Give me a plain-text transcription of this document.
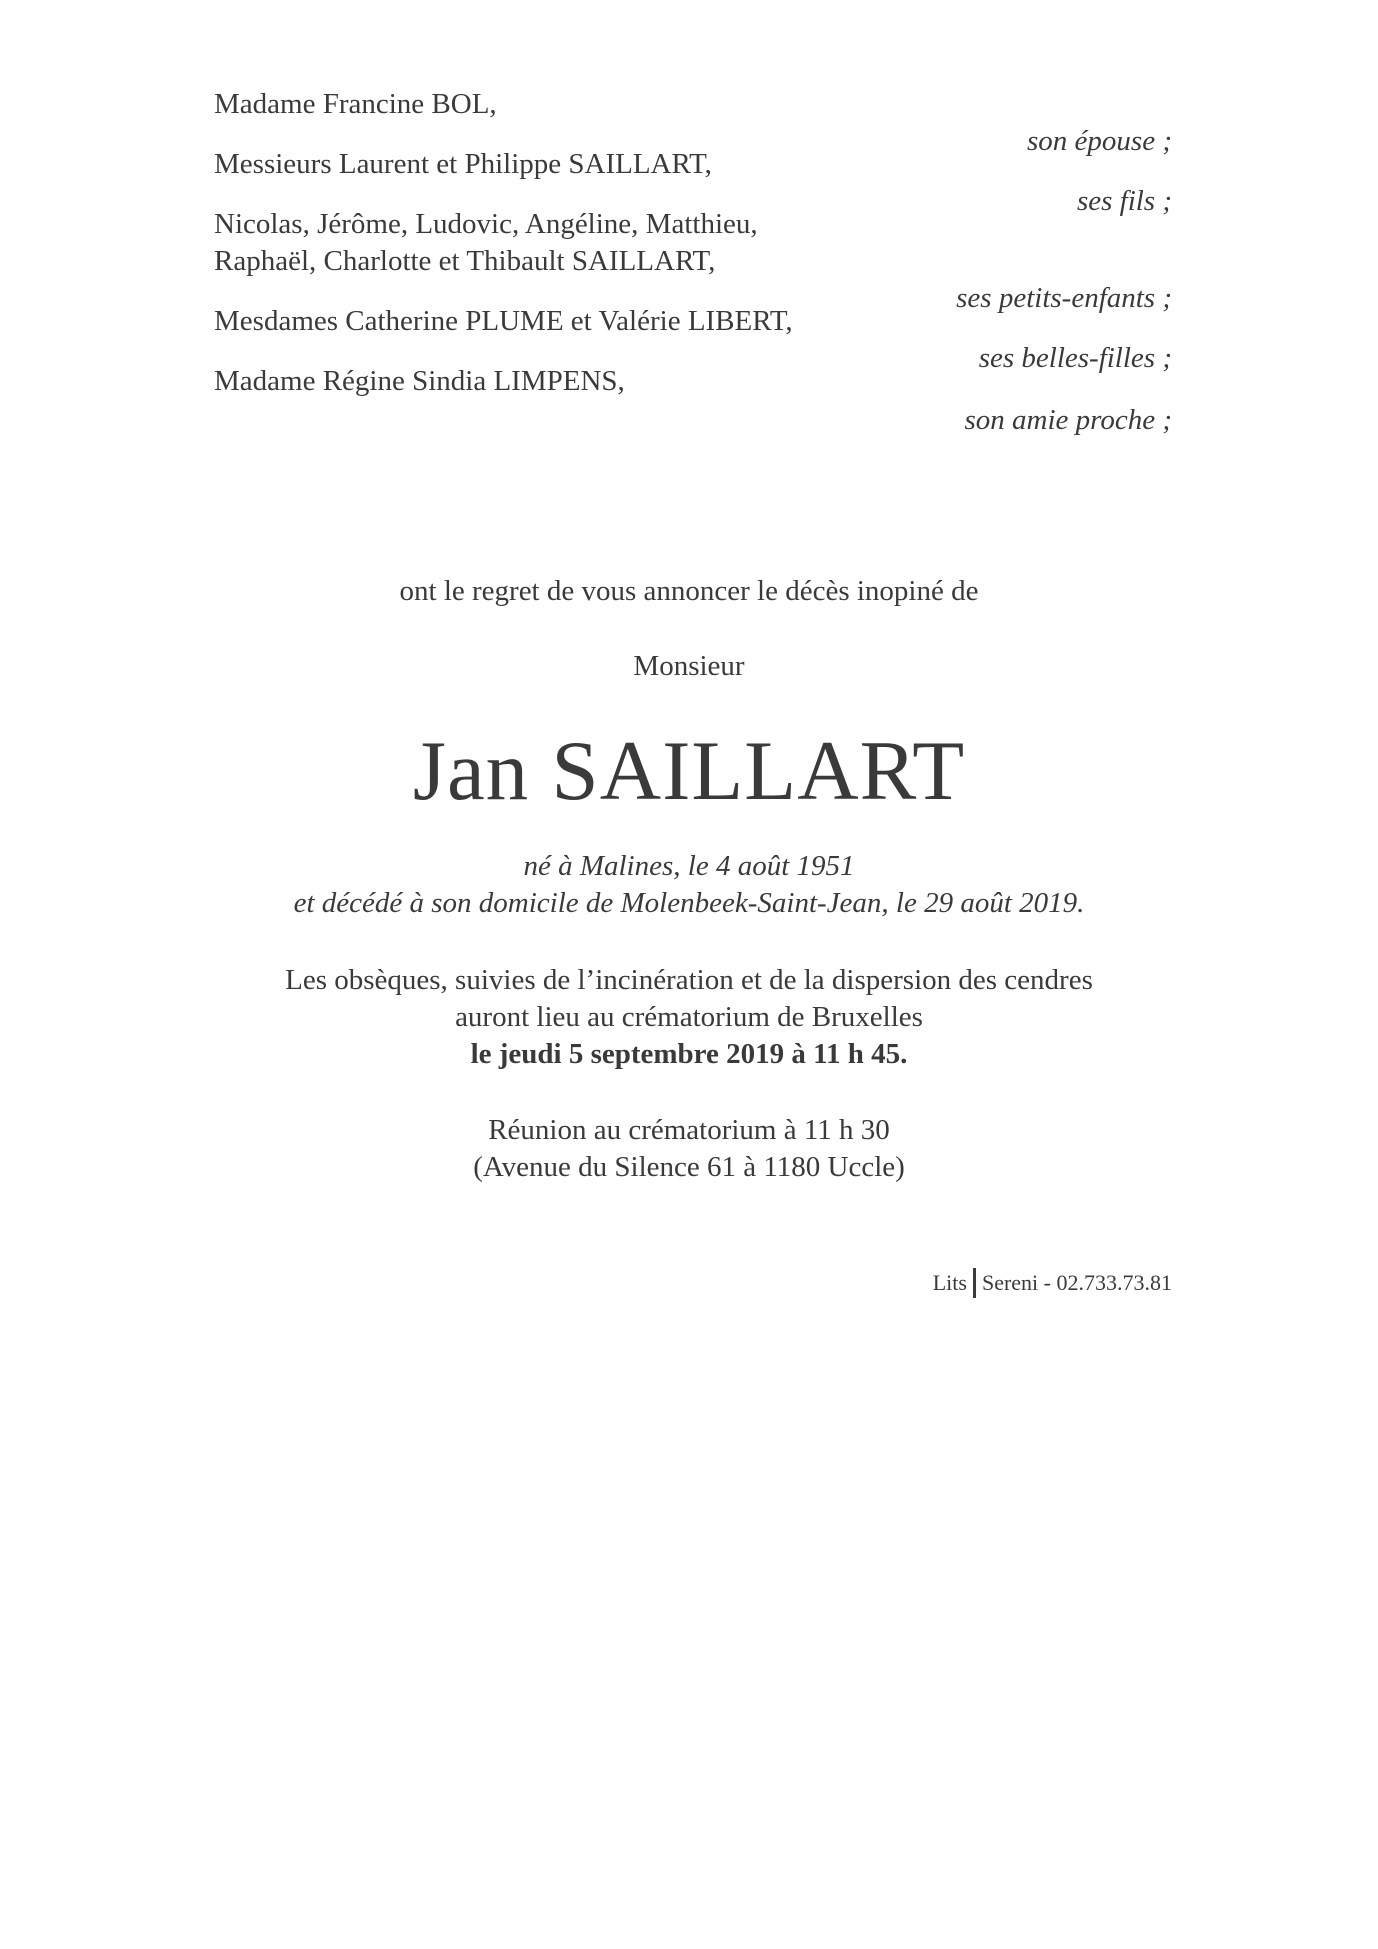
Madame Francine BOL,
son épouse ;
Messieurs Laurent et Philippe SAILLART,
ses fils ;
Nicolas, Jérôme, Ludovic, Angéline, Matthieu,
Raphaël, Charlotte et Thibault SAILLART,
ses petits-enfants ;
Mesdames Catherine PLUME et Valérie LIBERT,
ses belles-filles ;
Madame Régine Sindia LIMPENS,
son amie proche ;
ont le regret de vous annoncer le décès inopiné de
Monsieur
Jan SAILLART
né à Malines, le 4 août 1951
et décédé à son domicile de Molenbeek-Saint-Jean, le 29 août 2019.
Les obsèques, suivies de l’incinération et de la dispersion des cendres
auront lieu au crématorium de Bruxelles
le jeudi 5 septembre 2019 à 11 h 45.
Réunion au crématorium à 11 h 30
(Avenue du Silence 61 à 1180 Uccle)
Lits Sereni - 02.733.73.81
